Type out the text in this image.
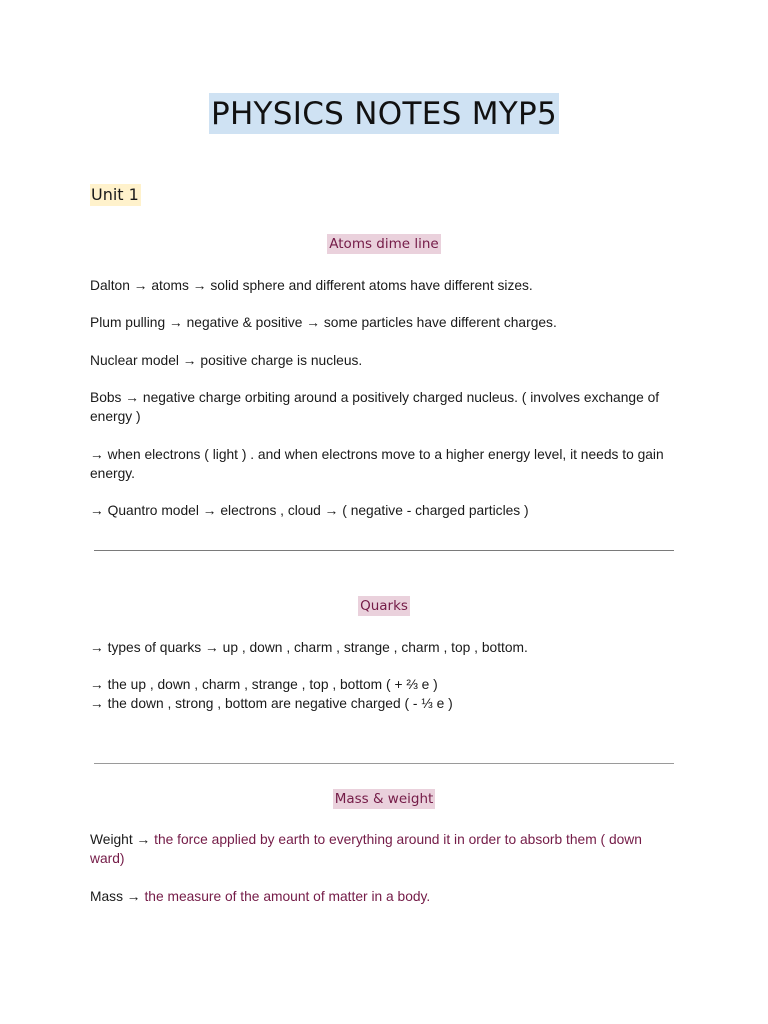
PHYSICS NOTES MYP5
Unit 1
Atoms dime line
Dalton → atoms → solid sphere and different atoms have different sizes.
Plum pulling → negative & positive → some particles have different charges.
Nuclear model → positive charge is nucleus.
Bobs → negative charge orbiting around a positively charged nucleus. ( involves exchange of energy )
→ when electrons ( light ) . and when electrons move to a higher energy level, it needs to gain energy.
→ Quantro model → electrons , cloud → ( negative - charged particles )
Quarks
→ types of quarks → up , down , charm , strange , charm , top , bottom.
→ the up , down , charm , strange , top , bottom ( + ⅔ e )
→ the down , strong , bottom are negative charged ( - ⅓ e )
Mass & weight
Weight → the force applied by earth to everything around it in order to absorb them ( down ward)
Mass → the measure of the amount of matter in a body.
